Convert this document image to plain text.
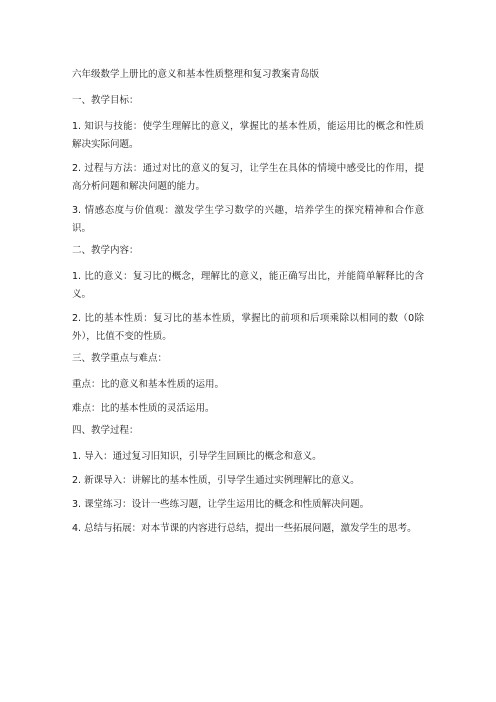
六年级数学上册比的意义和基本性质整理和复习教案青岛版
一、教学目标：
1. 知识与技能：使学生理解比的意义，掌握比的基本性质，能运用比的概念和性质解决实际问题。
2. 过程与方法：通过对比的意义的复习，让学生在具体的情境中感受比的作用，提高分析问题和解决问题的能力。
3. 情感态度与价值观：激发学生学习数学的兴趣，培养学生的探究精神和合作意识。
二、教学内容：
1. 比的意义：复习比的概念，理解比的意义，能正确写出比，并能简单解释比的含义。
2. 比的基本性质：复习比的基本性质，掌握比的前项和后项乘除以相同的数（0除外），比值不变的性质。
三、教学重点与难点：
重点：比的意义和基本性质的运用。
难点：比的基本性质的灵活运用。
四、教学过程：
1. 导入：通过复习旧知识，引导学生回顾比的概念和意义。
2. 新课导入：讲解比的基本性质，引导学生通过实例理解比的意义。
3. 课堂练习：设计一些练习题，让学生运用比的概念和性质解决问题。
4. 总结与拓展：对本节课的内容进行总结，提出一些拓展问题，激发学生的思考。
